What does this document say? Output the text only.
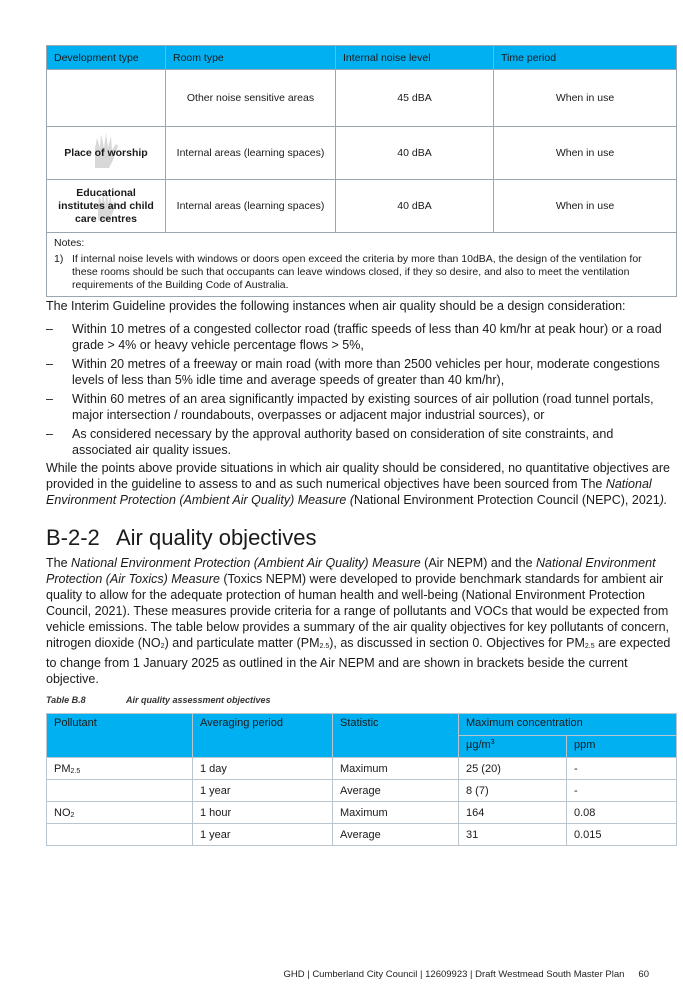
Development type	Room type	Internal noise level	Time period
	Other noise sensitive areas	45 dBA	When in use

Place of worship	Internal areas (learning spaces)	40 dBA	When in use

Educational institutes and child care centres	Internal areas (learning spaces)	40 dBA	When in use

Notes:
1) If internal noise levels with windows or doors open exceed the criteria by more than 10dBA, the design of the ventilation for these rooms should be such that occupants can leave windows closed, if they so desire, and also to meet the ventilation requirements of the Building Code of Australia.			
The Interim Guideline provides the following instances when air quality should be a design consideration:
–	Within 10 metres of a congested collector road (traffic speeds of less than 40 km/hr at peak hour) or a road grade > 4% or heavy vehicle percentage flows > 5%,
–	Within 20 metres of a freeway or main road (with more than 2500 vehicles per hour, moderate congestions levels of less than 5% idle time and average speeds of greater than 40 km/hr),
–	Within 60 metres of an area significantly impacted by existing sources of air pollution (road tunnel portals, major intersection / roundabouts, overpasses or adjacent major industrial sources), or
–	As considered necessary by the approval authority based on consideration of site constraints, and associated air quality issues.
While the points above provide situations in which air quality should be considered, no quantitative objectives are provided in the guideline to assess to and as such numerical objectives have been sourced from The National Environment Protection (Ambient Air Quality) Measure (National Environment Protection Council (NEPC), 2021).
B-2-2 Air quality objectives
The National Environment Protection (Ambient Air Quality) Measure (Air NEPM) and the National Environment Protection (Air Toxics) Measure (Toxics NEPM) were developed to provide benchmark standards for ambient air quality to allow for the adequate protection of human health and well-being (National Environment Protection Council, 2021). These measures provide criteria for a range of pollutants and VOCs that would be expected from vehicle emissions. The table below provides a summary of the air quality objectives for key pollutants of concern, nitrogen dioxide $(NO_2)$ and particulate matter $(PM_{2.5})$, as discussed in section 0. Objectives for $PM_{2.5}$ are expected to change from 1 January 2025 as outlined in the Air NEPM and are shown in brackets beside the current objective.
Table B.8	Air quality assessment objectives
Pollutant	Averaging period	Statistic	Maximum concentration	
			$\mu g/m^3$	ppm
$PM_{2.5}$	1 day	Maximum	25 (20)	-
	1 year	Average	8 (7)	-
$NO_2$	1 hour	Maximum	164	0.08
	1 year	Average	31	0.015
GHD | Cumberland City Council | 12609923 | Draft Westmead South Master Plan 60
